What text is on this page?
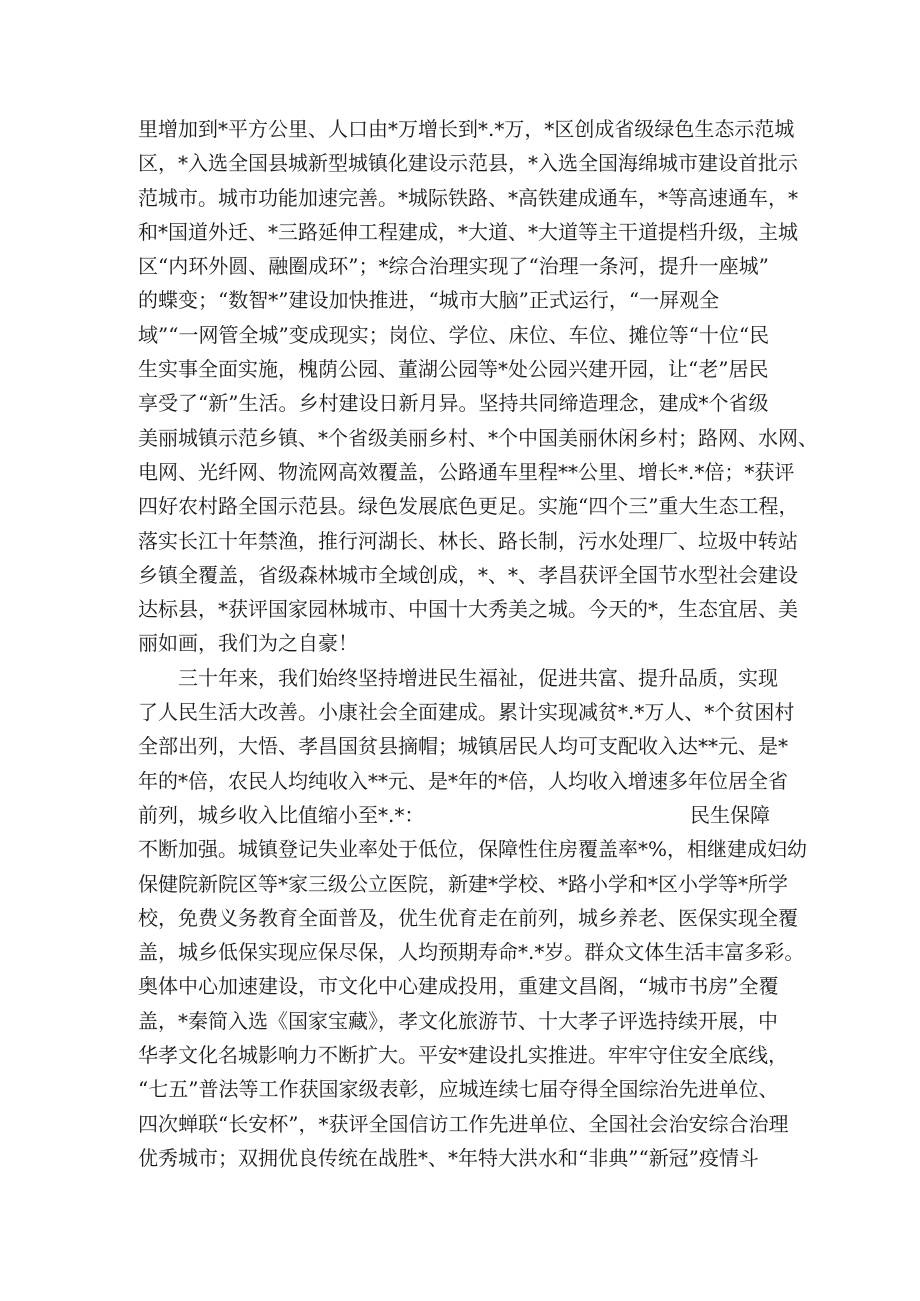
里增加到*平方公里、人口由*万增长到*.*万，*区创成省级绿色生态示范城
区，*入选全国县城新型城镇化建设示范县，*入选全国海绵城市建设首批示
范城市。城市功能加速完善。*城际铁路、*高铁建成通车，*等高速通车，*
和*国道外迁、*三路延伸工程建成，*大道、*大道等主干道提档升级，主城
区“内环外圆、融圈成环”；*综合治理实现了“治理一条河，提升一座城”
的蝶变；“数智*”建设加快推进，“城市大脑”正式运行，“一屏观全
域”“一网管全城”变成现实；岗位、学位、床位、车位、摊位等“十位“民
生实事全面实施，槐荫公园、董湖公园等*处公园兴建开园，让“老”居民
享受了“新”生活。乡村建设日新月异。坚持共同缔造理念，建成*个省级
美丽城镇示范乡镇、*个省级美丽乡村、*个中国美丽休闲乡村；路网、水网、
电网、光纤网、物流网高效覆盖，公路通车里程**公里、增长*.*倍；*获评
四好农村路全国示范县。绿色发展底色更足。实施“四个三”重大生态工程，
落实长江十年禁渔，推行河湖长、林长、路长制，污水处理厂、垃圾中转站
乡镇全覆盖，省级森林城市全域创成，*、*、孝昌获评全国节水型社会建设
达标县，*获评国家园林城市、中国十大秀美之城。今天的*，生态宜居、美
丽如画，我们为之自豪！
三十年来，我们始终坚持增进民生福祉，促进共富、提升品质，实现
了人民生活大改善。小康社会全面建成。累计实现减贫*.*万人、*个贫困村
全部出列，大悟、孝昌国贫县摘帽；城镇居民人均可支配收入达**元、是*
年的*倍，农民人均纯收入**元、是*年的*倍，人均收入增速多年位居全省
前列，城乡收入比值缩小至*.*：	民生保障
不断加强。城镇登记失业率处于低位，保障性住房覆盖率*%，相继建成妇幼
保健院新院区等*家三级公立医院，新建*学校、*路小学和*区小学等*所学
校，免费义务教育全面普及，优生优育走在前列，城乡养老、医保实现全覆
盖，城乡低保实现应保尽保，人均预期寿命*.*岁。群众文体生活丰富多彩。
奥体中心加速建设，市文化中心建成投用，重建文昌阁，“城市书房”全覆
盖，*秦简入选《国家宝藏》，孝文化旅游节、十大孝子评选持续开展，中
华孝文化名城影响力不断扩大。平安*建设扎实推进。牢牢守住安全底线，
“七五”普法等工作获国家级表彰，应城连续七届夺得全国综治先进单位、
四次蝉联“长安杯”，*获评全国信访工作先进单位、全国社会治安综合治理
优秀城市；双拥优良传统在战胜*、*年特大洪水和“非典”“新冠”疫情斗
